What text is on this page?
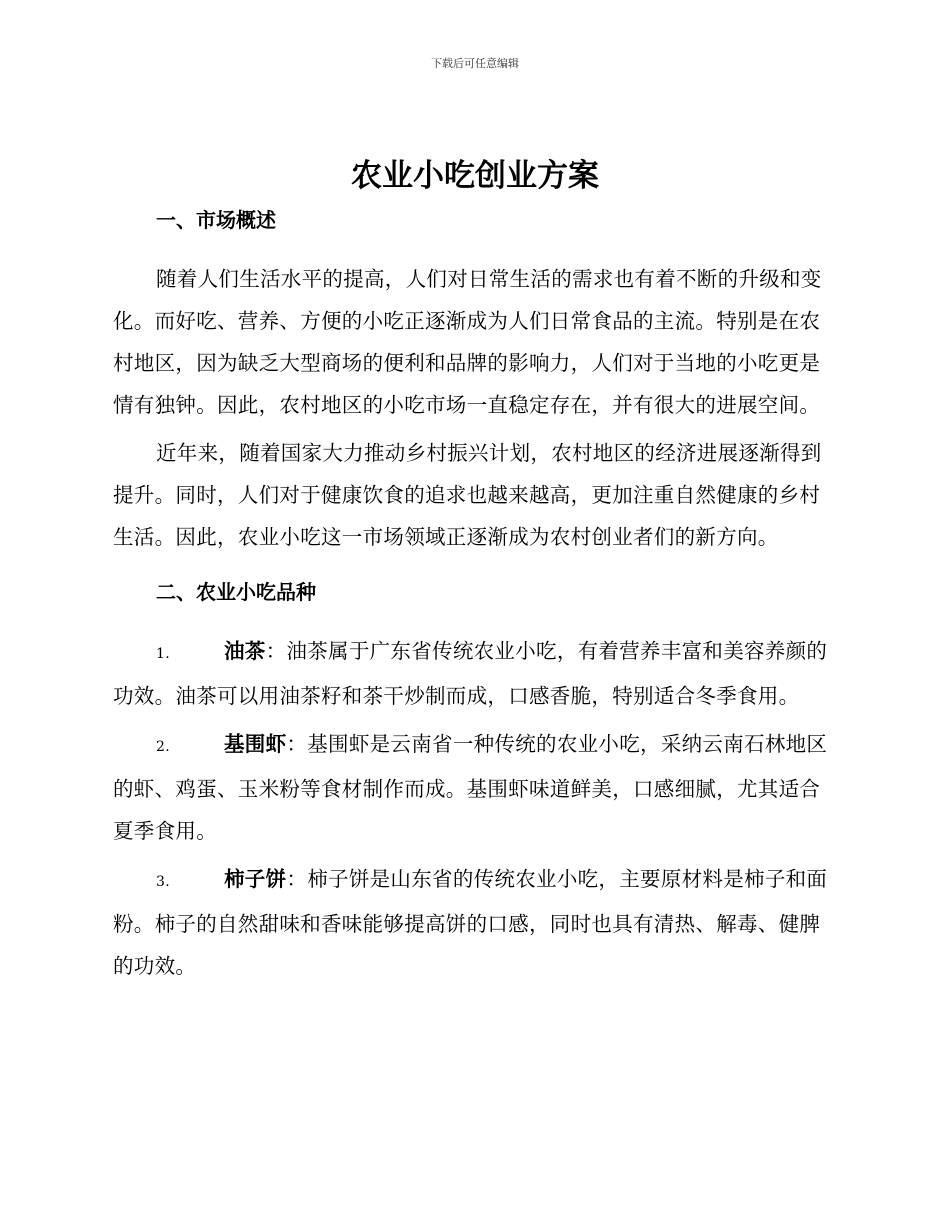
下载后可任意编辑
农业小吃创业方案
一、市场概述

随着人们生活水平的提高，人们对日常生活的需求也有着不断的升级和变化。而好吃、营养、方便的小吃正逐渐成为人们日常食品的主流。特别是在农村地区，因为缺乏大型商场的便利和品牌的影响力，人们对于当地的小吃更是情有独钟。因此，农村地区的小吃市场一直稳定存在，并有很大的进展空间。

近年来，随着国家大力推动乡村振兴计划，农村地区的经济进展逐渐得到提升。同时，人们对于健康饮食的追求也越来越高，更加注重自然健康的乡村生活。因此，农业小吃这一市场领域正逐渐成为农村创业者们的新方向。

二、农业小吃品种

1.	油茶：油茶属于广东省传统农业小吃，有着营养丰富和美容养颜的功效。油茶可以用油茶籽和茶干炒制而成，口感香脆，特别适合冬季食用。

2.	基围虾：基围虾是云南省一种传统的农业小吃，采纳云南石林地区的虾、鸡蛋、玉米粉等食材制作而成。基围虾味道鲜美，口感细腻，尤其适合夏季食用。

3.	柿子饼：柿子饼是山东省的传统农业小吃，主要原材料是柿子和面粉。柿子的自然甜味和香味能够提高饼的口感，同时也具有清热、解毒、健脾的功效。
